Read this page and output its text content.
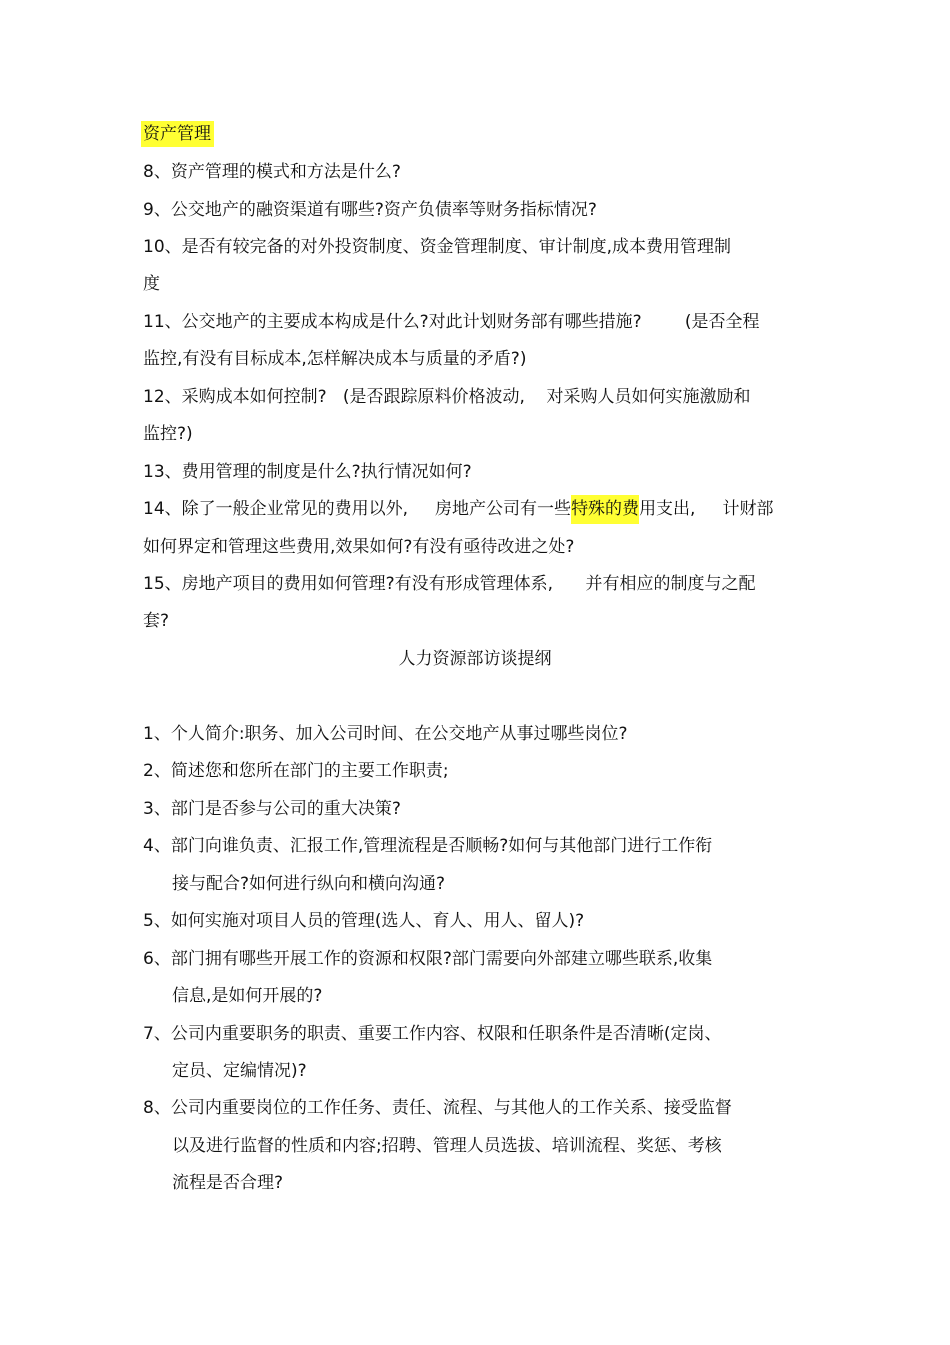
资产管理

8、资产管理的模式和方法是什么?

9、公交地产的融资渠道有哪些?资产负债率等财务指标情况?

10、是否有较完备的对外投资制度、资金管理制度、审计制度,成本费用管理制

度

11、公交地产的主要成本构成是什么?对此计划财务部有哪些措施?        (是否全程

监控,有没有目标成本,怎样解决成本与质量的矛盾?)

12、采购成本如何控制?   (是否跟踪原料价格波动,    对采购人员如何实施激励和

监控?)

13、费用管理的制度是什么?执行情况如何?

14、除了一般企业常见的费用以外,     房地产公司有一些特殊的费用支出,     计财部

如何界定和管理这些费用,效果如何?有没有亟待改进之处?

15、房地产项目的费用如何管理?有没有形成管理体系,      并有相应的制度与之配

套?

人力资源部访谈提纲

1、个人简介:职务、加入公司时间、在公交地产从事过哪些岗位?

2、简述您和您所在部门的主要工作职责;

3、部门是否参与公司的重大决策?

4、部门向谁负责、汇报工作,管理流程是否顺畅?如何与其他部门进行工作衔

接与配合?如何进行纵向和横向沟通?

5、如何实施对项目人员的管理(选人、育人、用人、留人)?

6、部门拥有哪些开展工作的资源和权限?部门需要向外部建立哪些联系,收集

信息,是如何开展的?

7、公司内重要职务的职责、重要工作内容、权限和任职条件是否清晰(定岗、

定员、定编情况)?

8、公司内重要岗位的工作任务、责任、流程、与其他人的工作关系、接受监督

以及进行监督的性质和内容;招聘、管理人员选拔、培训流程、奖惩、考核

流程是否合理?
